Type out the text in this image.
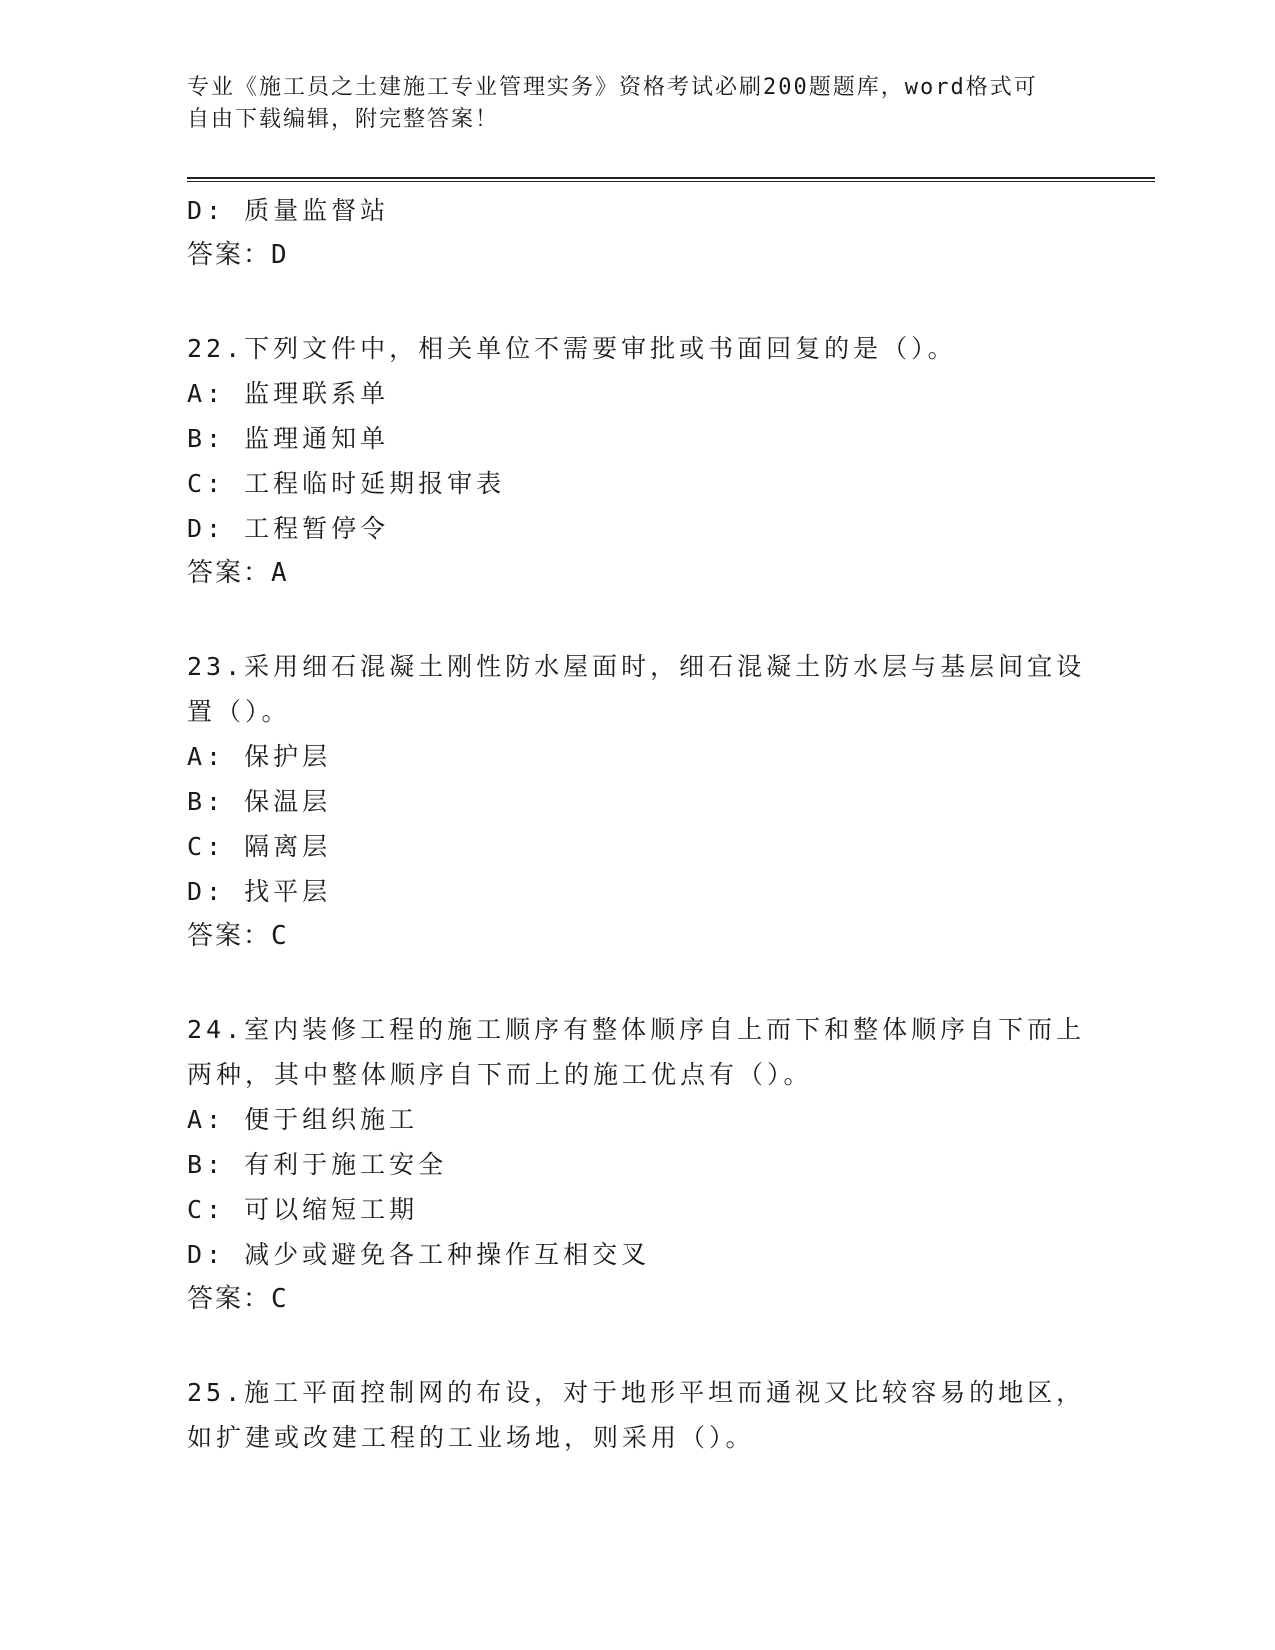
专业《施工员之土建施工专业管理实务》资格考试必刷200题题库，word格式可
自由下载编辑，附完整答案！
D: 质量监督站
答案：D
22.下列文件中，相关单位不需要审批或书面回复的是（）。
A: 监理联系单
B: 监理通知单
C: 工程临时延期报审表
D: 工程暂停令
答案：A
23.采用细石混凝土刚性防水屋面时，细石混凝土防水层与基层间宜设
置（）。
A: 保护层
B: 保温层
C: 隔离层
D: 找平层
答案：C
24.室内装修工程的施工顺序有整体顺序自上而下和整体顺序自下而上
两种，其中整体顺序自下而上的施工优点有（）。
A: 便于组织施工
B: 有利于施工安全
C: 可以缩短工期
D: 减少或避免各工种操作互相交叉
答案：C
25.施工平面控制网的布设，对于地形平坦而通视又比较容易的地区，
如扩建或改建工程的工业场地，则采用（）。
